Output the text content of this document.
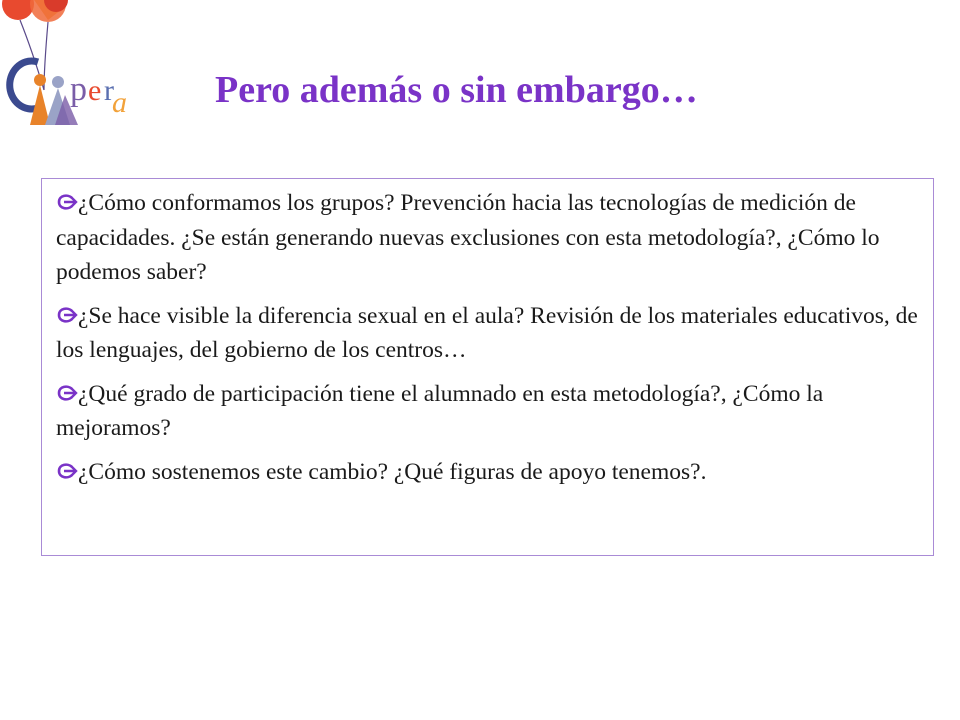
p e r
a Pero además o sin embargo…
¿Cómo conformamos los grupos? Prevención hacia las tecnologías de medición de capacidades. ¿Se están generando nuevas exclusiones con esta metodología?, ¿Cómo lo podemos saber?
¿Se hace visible la diferencia sexual en el aula? Revisión de los materiales educativos, de los lenguajes, del gobierno de los centros…
¿Qué grado de participación tiene el alumnado en esta metodología?, ¿Cómo la mejoramos?
¿Cómo sostenemos este cambio? ¿Qué figuras de apoyo tenemos?.
